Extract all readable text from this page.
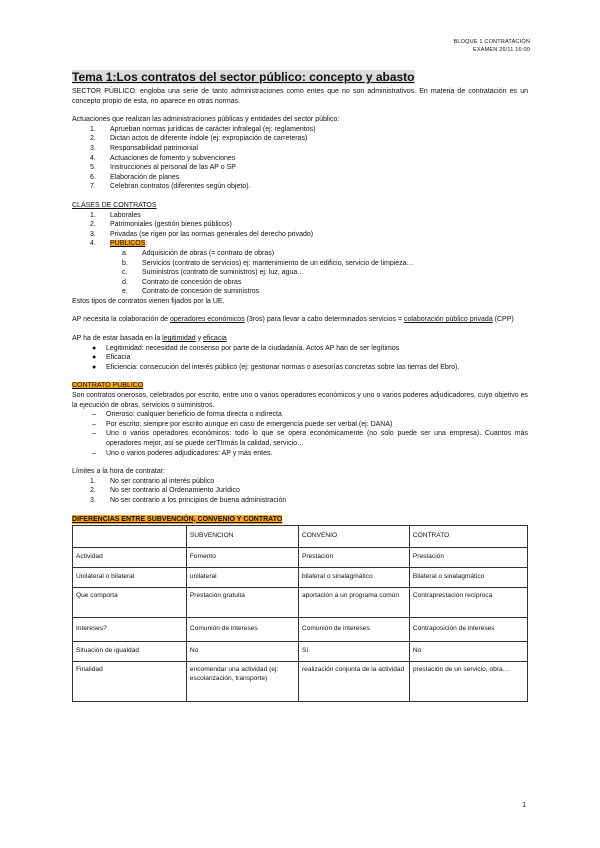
BLOQUE 1 CONTRATACIÓN
EXAMEN 26/11 16:00
Tema 1:Los contratos del sector público: concepto y abasto

SECTOR PÚBLICO: engloba una serie de tanto administraciones como entes que no son administrativos. En materia de contratación es un concepto propio de esta, no aparece en otras normas.

Actuaciones que realizan las administraciones públicas y entidades del sector público:

1.	Aprueban normas jurídicas de carácter infralegal (ej: reglamentos)
2.	Dictan actos de diferente índole (ej: expropiación de carreteras)
3.	Responsabilidad patrimonial
4.	Actuaciones de fomento y subvenciones
5.	Instrucciones al personal de las AP o SP
6.	Elaboración de planes
7.	Celebran contratos (diferentes según objeto).

CLASES DE CONTRATOS

1.	Laborales
2.	Patrimoniales (gestión bienes públicos)
3.	Privadas (se rigen por las normas generales del derecho privado)
4.	PÚBLICOS:
a.	Adquisición de obras (= contrato de obras)
b.	Servicios (contrato de servicios) ej: mantenimiento de un edificio, servicio de limpieza…
c.	Suministros (contrato de suministros) ej: luz, agua…
d.	Contrato de concesión de obras
e.	Contrato de concesión de suministros

Estos tipos de contratos vienen fijados por la UE.

AP necesita la colaboración de operadores económicos (3ros) para llevar a cabo determinados servicios = colaboración público privada (CPP)

AP ha de estar basada en la legitimidad y eficacia

●	Legitimidad: necesidad de consenso por parte de la ciudadanía. Actos AP han de ser legítimos
●	Eficacia
●	Eficiencia: consecución del interés público (ej: gestionar normas o asesorías concretas sobre las tierras del Ebro).

CONTRATO PÚBLICO

Son contratos onerosos, celebrados por escrito, entre uno o varios operadores económicos y uno o varios poderes adjudicadores, cuyo objetivo es la ejecución de obras, servicios o suministros.

–	Oneroso: cualquier beneficio de forma directa o indirecta
–	Por escrito: siempre por escrito aunque en caso de emergencia puede ser verbal (ej: DANA)
–	Uno o varios operadores económicos: todo lo que se opera económicamente (no solo puede ser una empresa). Cuantos más operadores mejor, así se puede cerTIrmás la calidad, servicio…
–	Uno o varios poderes adjudicadores: AP y más entes.

Límites a la hora de contratar:

1.	No ser contrario al interés público
2.	No ser contrario al Ordenamiento Jurídico
3.	No ser contrario a los principios de buena administración

DIFERENCIAS ENTRE SUBVENCIÓN, CONVENIO Y CONTRATO

	SUBVENCION	CONVENIO	CONTRATO
Actividad	Fomento	Prestación	Prestación
Unilateral o bilateral	unilateral	bilateral o sinalagmático	Bilateral o sinalagmático
Que comporta	Prestación gratuita	aportación a un programa común	Contraprestación recíproca
Intereses?	Comunión de intereses	Comunión de intereses	Contraposición de intereses
Situación de igualdad	No	Sí	No
Finalidad	encomendar una actividad (ej: escolarización, transporte)	realización conjunta de la actividad	prestación de un servicio, obra…
1
